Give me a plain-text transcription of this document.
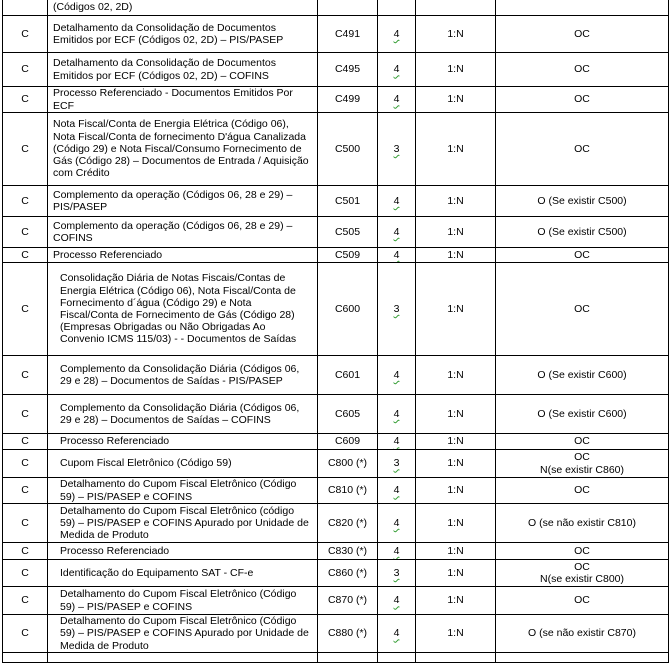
	(Códigos 02, 2D)				
C	Detalhamento da Consolidação de Documentos Emitidos por ECF (Códigos 02, 2D) – PIS/PASEP	C491	4	1:N	OC
C	Detalhamento da Consolidação de Documentos Emitidos por ECF (Códigos 02, 2D) – COFINS	C495	4	1:N	OC
C	Processo Referenciado - Documentos Emitidos Por ECF	C499	4	1:N	OC
C	Nota Fiscal/Conta de Energia Elétrica (Código 06), Nota Fiscal/Conta de fornecimento D'água Canalizada (Código 29) e Nota Fiscal/Consumo Fornecimento de Gás (Código 28) – Documentos de Entrada / Aquisição com Crédito	C500	3	1:N	OC
C	Complemento da operação (Códigos 06, 28 e 29) – PIS/PASEP	C501	4	1:N	O (Se existir C500)
C	Complemento da operação (Códigos 06, 28 e 29) – COFINS	C505	4	1:N	O (Se existir C500)
C	Processo Referenciado	C509	4	1:N	OC
C	Consolidação Diária de Notas Fiscais/Contas de Energia Elétrica (Código 06), Nota Fiscal/Conta de Fornecimento d´água (Código 29) e Nota Fiscal/Conta de Fornecimento de Gás (Código 28) (Empresas Obrigadas ou Não Obrigadas Ao Convenio ICMS 115/03) - - Documentos de Saídas	C600	3	1:N	OC
C	Complemento da Consolidação Diária (Códigos 06, 29 e 28) – Documentos de Saídas - PIS/PASEP	C601	4	1:N	O (Se existir C600)
C	Complemento da Consolidação Diária (Códigos 06, 29 e 28) – Documentos de Saídas – COFINS	C605	4	1:N	O (Se existir C600)
C	Processo Referenciado	C609	4	1:N	OC
C	Cupom Fiscal Eletrônico (Código 59)	C800 (*)	3	1:N	OC
N(se existir C860)
C	Detalhamento do Cupom Fiscal Eletrônico (Código 59) – PIS/PASEP e COFINS	C810 (*)	4	1:N	OC
C	Detalhamento do Cupom Fiscal Eletrônico (código 59) – PIS/PASEP e COFINS Apurado por Unidade de Medida de Produto	C820 (*)	4	1:N	O (se não existir C810)
C	Processo Referenciado	C830 (*)	4	1:N	OC
C	Identificação do Equipamento SAT - CF-e	C860 (*)	3	1:N	OC
N(se existir C800)
C	Detalhamento do Cupom Fiscal Eletrônico (Código 59) – PIS/PASEP e COFINS	C870 (*)	4	1:N	OC
C	Detalhamento do Cupom Fiscal Eletrônico (Código 59) – PIS/PASEP e COFINS Apurado por Unidade de Medida de Produto	C880 (*)	4	1:N	O (se não existir C870)
